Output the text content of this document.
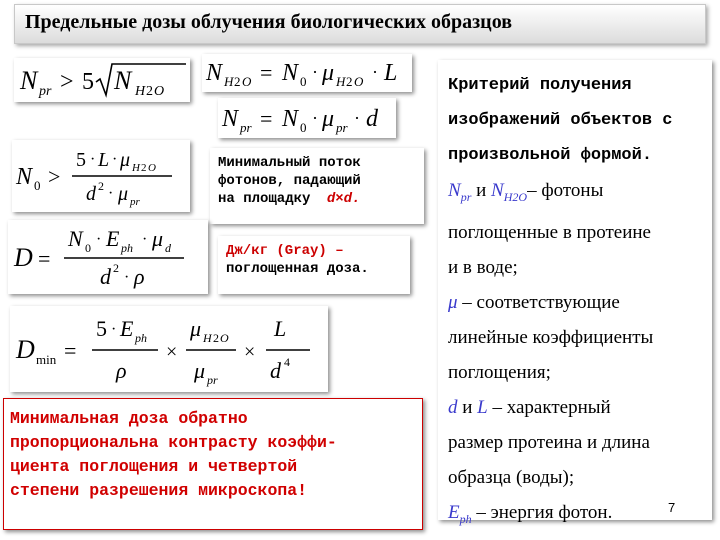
Предельные дозы облучения биологических образцов
N pr > 5 N H 2 O
N H 2 O = N 0 · μ H 2 O · L
N pr = N 0 · μ pr · d
N 0 >
5 · L · μ H 2 O
d 2 · μ pr
Минимальный поток
фотонов, падающий
на площадку d×d.
D =
N 0 · E ph · μ d
d 2
· ρ
Дж/кг (Gray) –
поглощенная доза.
D min =
5 · E ph
ρ
×
μ H 2 O
μ pr
×
L
d 4
Минимальная доза обратно
пропорциональна контрасту коэффи-
циента поглощения и четвертой
степени разрешения микроскопа!
Критерий получения
изображений объектов с
произвольной формой.
$N_{pr}$ и $N_{H2O}-$ фотоны
поглощенные в протеине
и в воде;
μ – соответствующие
линейные коэффициенты
поглощения;
d и L – характерный
размер протеина и длина
образца (воды);
$E_{ph}$ – энергия фотон.	7
